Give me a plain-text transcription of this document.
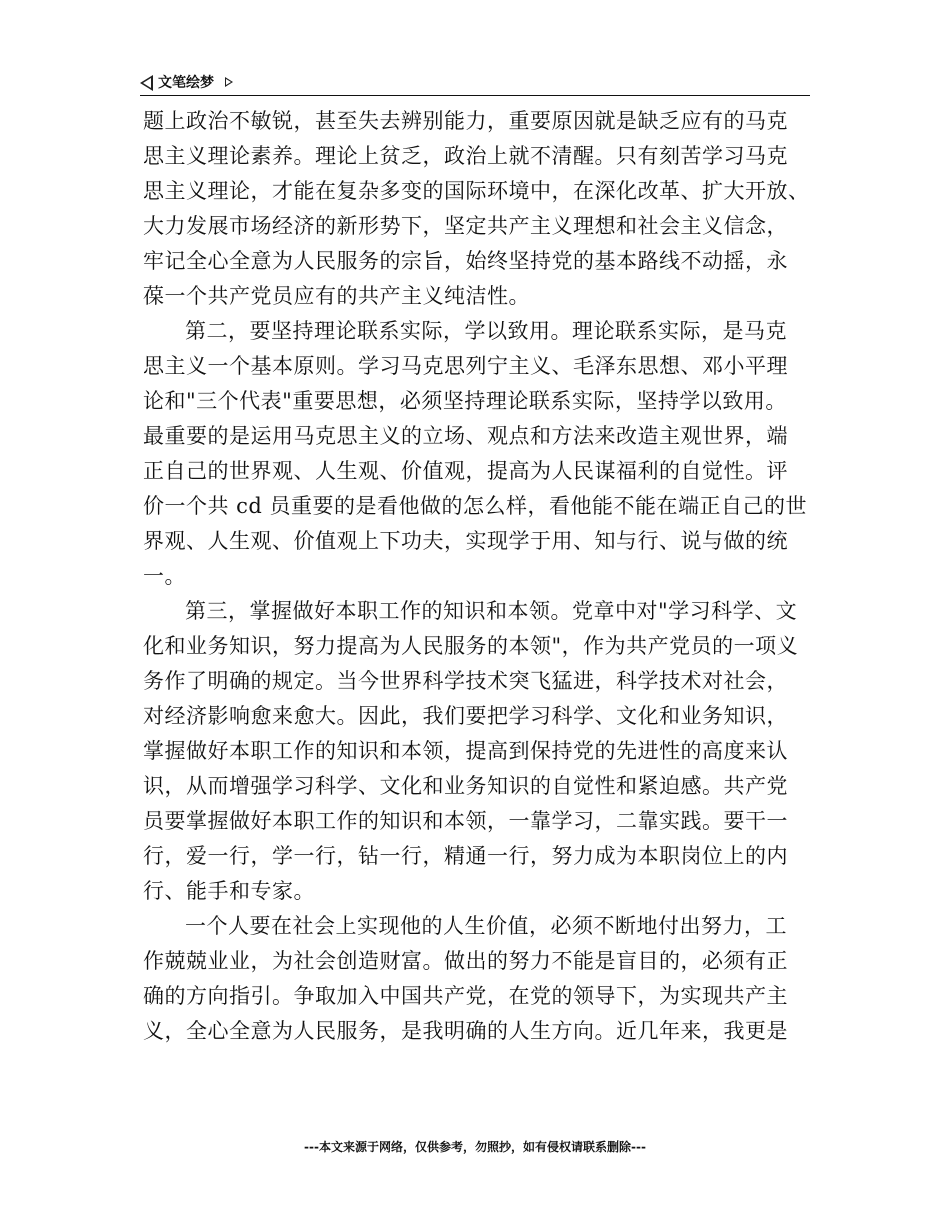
文笔绘梦
题上政治不敏锐，甚至失去辨别能力，重要原因就是缺乏应有的马克
思主义理论素养。理论上贫乏，政治上就不清醒。只有刻苦学习马克
思主义理论，才能在复杂多变的国际环境中，在深化改革、扩大开放、
大力发展市场经济的新形势下，坚定共产主义理想和社会主义信念，
牢记全心全意为人民服务的宗旨，始终坚持党的基本路线不动摇，永
葆一个共产党员应有的共产主义纯洁性。
第二，要坚持理论联系实际，学以致用。理论联系实际，是马克
思主义一个基本原则。学习马克思列宁主义、毛泽东思想、邓小平理
论和"三个代表"重要思想，必须坚持理论联系实际，坚持学以致用。
最重要的是运用马克思主义的立场、观点和方法来改造主观世界，端
正自己的世界观、人生观、价值观，提高为人民谋福利的自觉性。评
价一个共 cd 员重要的是看他做的怎么样，看他能不能在端正自己的世
界观、人生观、价值观上下功夫，实现学于用、知与行、说与做的统
一。
第三，掌握做好本职工作的知识和本领。党章中对"学习科学、文
化和业务知识，努力提高为人民服务的本领"，作为共产党员的一项义
务作了明确的规定。当今世界科学技术突飞猛进，科学技术对社会，
对经济影响愈来愈大。因此，我们要把学习科学、文化和业务知识，
掌握做好本职工作的知识和本领，提高到保持党的先进性的高度来认
识，从而增强学习科学、文化和业务知识的自觉性和紧迫感。共产党
员要掌握做好本职工作的知识和本领，一靠学习，二靠实践。要干一
行，爱一行，学一行，钻一行，精通一行，努力成为本职岗位上的内
行、能手和专家。
一个人要在社会上实现他的人生价值，必须不断地付出努力，工
作兢兢业业，为社会创造财富。做出的努力不能是盲目的，必须有正
确的方向指引。争取加入中国共产党，在党的领导下，为实现共产主
义，全心全意为人民服务，是我明确的人生方向。近几年来，我更是
---本文来源于网络，仅供参考，勿照抄，如有侵权请联系删除---
